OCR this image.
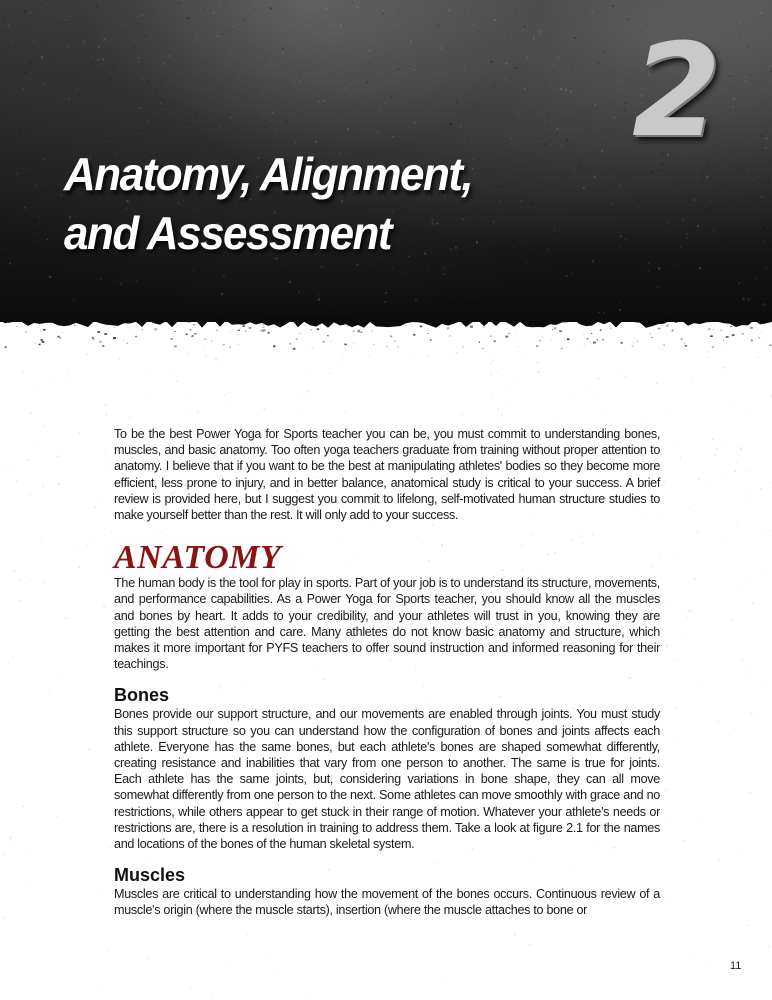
2
Anatomy, Alignment,
and Assessment

To be the best Power Yoga for Sports teacher you can be, you must commit to understanding bones, muscles, and basic anatomy. Too often yoga teachers graduate from training without proper attention to anatomy. I believe that if you want to be the best at manipulating athletes' bodies so they become more efficient, less prone to injury, and in better balance, anatomical study is critical to your success. A brief review is provided here, but I suggest you commit to lifelong, self-motivated human structure studies to make yourself better than the rest. It will only add to your success.

ANATOMY

The human body is the tool for play in sports. Part of your job is to understand its structure, movements, and performance capabilities. As a Power Yoga for Sports teacher, you should know all the muscles and bones by heart. It adds to your credibility, and your athletes will trust in you, knowing they are getting the best attention and care. Many athletes do not know basic anatomy and structure, which makes it more important for PYFS teachers to offer sound instruction and informed reasoning for their teachings.

Bones

Bones provide our support structure, and our movements are enabled through joints. You must study this support structure so you can understand how the configuration of bones and joints affects each athlete. Everyone has the same bones, but each athlete's bones are shaped somewhat differently, creating resistance and inabilities that vary from one person to another. The same is true for joints. Each athlete has the same joints, but, considering variations in bone shape, they can all move somewhat differently from one person to the next. Some athletes can move smoothly with grace and no restrictions, while others appear to get stuck in their range of motion. Whatever your athlete's needs or restrictions are, there is a resolution in training to address them. Take a look at figure 2.1 for the names and locations of the bones of the human skeletal system.

Muscles

Muscles are critical to understanding how the movement of the bones occurs. Continuous review of a muscle's origin (where the muscle starts), insertion (where the muscle attaches to bone or

11
